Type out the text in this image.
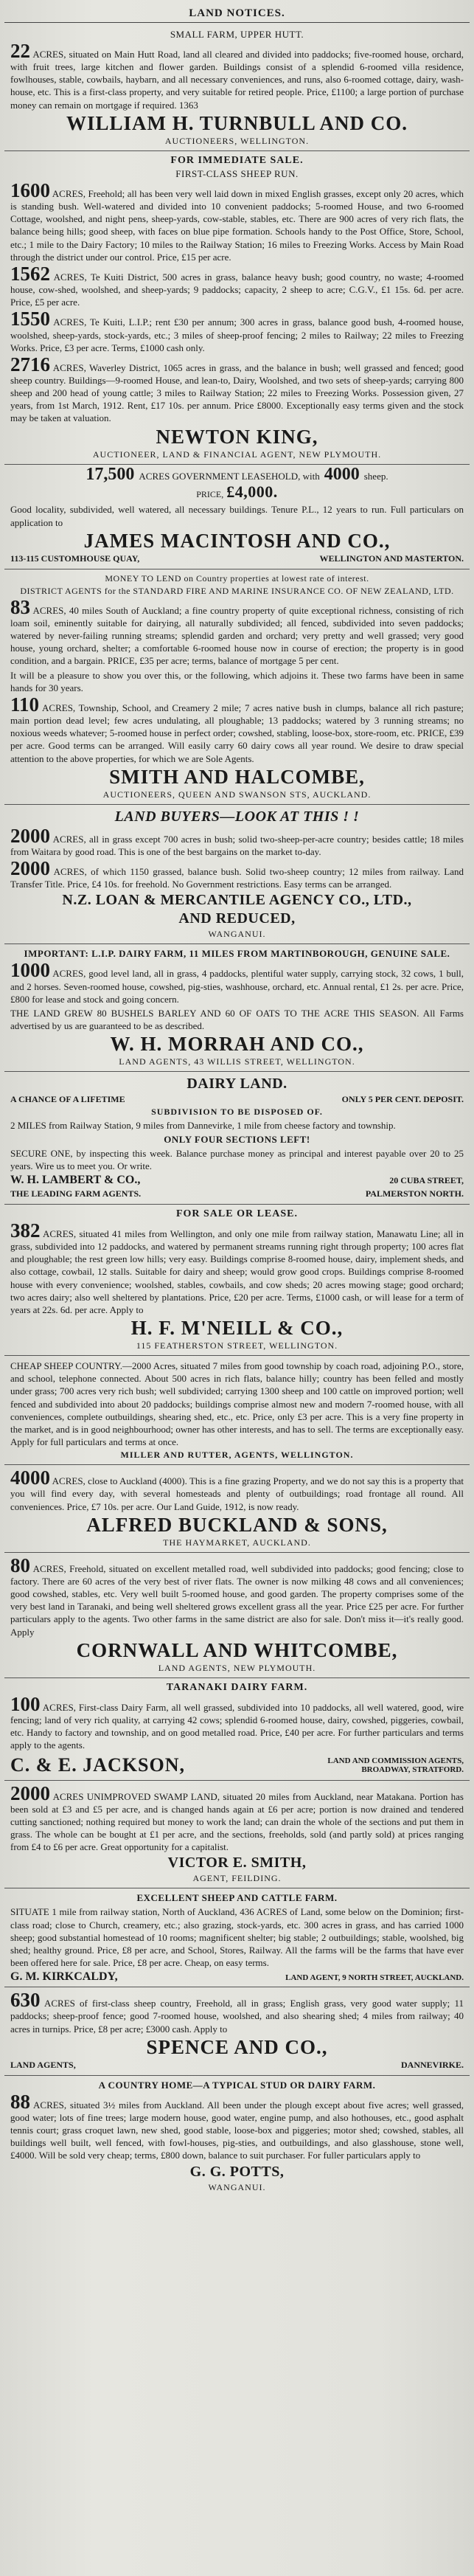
LAND NOTICES.
SMALL FARM, UPPER HUTT.

22 ACRES, situated on Main Hutt Road, land all cleared and divided into paddocks; five-roomed house, orchard, with fruit trees, large kitchen and flower garden. Buildings consist of a splendid 6-roomed villa residence, fowlhouses, stable, cowbails, haybarn, and all necessary conveniences, and runs, also 6-roomed cottage, dairy, wash-house, etc. This is a first-class property, and very suitable for retired people. Price, £1100; a large portion of purchase money can remain on mortgage if required. 1363

WILLIAM H. TURNBULL AND CO.
AUCTIONEERS, WELLINGTON.
FOR IMMEDIATE SALE.
FIRST-CLASS SHEEP RUN.

1600 ACRES, Freehold; all has been very well laid down in mixed English grasses, except only 20 acres, which is standing bush. Well-watered and divided into 10 convenient paddocks; 5-roomed House, and two 6-roomed Cottage, woolshed, and night pens, sheep-yards, cow-stable, stables, etc. There are 900 acres of very rich flats, the balance being hills; good sheep, with faces on blue pipe formation. Schools handy to the Post Office, Store, School, etc.; 1 mile to the Dairy Factory; 10 miles to the Railway Station; 16 miles to Freezing Works. Access by Main Road through the district under our control. Price, £15 per acre.

1562 ACRES, Te Kuiti District, 500 acres in grass, balance heavy bush; good country, no waste; 4-roomed house, cow-shed, woolshed, and sheep-yards; 9 paddocks; capacity, 2 sheep to acre; C.G.V., £1 15s. 6d. per acre. Price, £5 per acre.

1550 ACRES, Te Kuiti, L.I.P.; rent £30 per annum; 300 acres in grass, balance good bush, 4-roomed house, woolshed, sheep-yards, stock-yards, etc.; 3 miles of sheep-proof fencing; 2 miles to Railway; 22 miles to Freezing Works. Price, £3 per acre. Terms, £1000 cash only.

2716 ACRES, Waverley District, 1065 acres in grass, and the balance in bush; well grassed and fenced; good sheep country. Buildings—9-roomed House, and lean-to, Dairy, Woolshed, and two sets of sheep-yards; carrying 800 sheep and 200 head of young cattle; 3 miles to Railway Station; 22 miles to Freezing Works. Possession given, 27 years, from 1st March, 1912. Rent, £17 10s. per annum. Price £8000. Exceptionally easy terms given and the stock may be taken at valuation.

NEWTON KING,
AUCTIONEER, LAND & FINANCIAL AGENT, NEW PLYMOUTH.
17,500 ACRES GOVERNMENT LEASEHOLD, with 4000 sheep.
PRICE, £4,000.

Good locality, subdivided, well watered, all necessary buildings. Tenure P.L., 12 years to run. Full particulars on application to

JAMES MACINTOSH AND CO.,
113-115 CUSTOMHOUSE QUAY,	WELLINGTON AND MASTERTON.
MONEY TO LEND on Country properties at lowest rate of interest.
DISTRICT AGENTS for the STANDARD FIRE AND MARINE INSURANCE CO. OF NEW ZEALAND, LTD.

83 ACRES, 40 miles South of Auckland; a fine country property of quite exceptional richness, consisting of rich loam soil, eminently suitable for dairying, all naturally subdivided; all fenced, subdivided into seven paddocks; watered by never-failing running streams; splendid garden and orchard; very pretty and well grassed; very good house, young orchard, shelter; a comfortable 6-roomed house now in course of erection; the property is in good condition, and a bargain. PRICE, £35 per acre; terms, balance of mortgage 5 per cent.

It will be a pleasure to show you over this, or the following, which adjoins it. These two farms have been in same hands for 30 years.

110 ACRES, Township, School, and Creamery 2 mile; 7 acres native bush in clumps, balance all rich pasture; main portion dead level; few acres undulating, all ploughable; 13 paddocks; watered by 3 running streams; no noxious weeds whatever; 5-roomed house in perfect order; cowshed, stabling, loose-box, store-room, etc. PRICE, £39 per acre. Good terms can be arranged. Will easily carry 60 dairy cows all year round. We desire to draw special attention to the above properties, for which we are Sole Agents.

SMITH AND HALCOMBE,
AUCTIONEERS, QUEEN AND SWANSON STS, AUCKLAND.
LAND BUYERS—LOOK AT THIS ! !

2000 ACRES, all in grass except 700 acres in bush; solid two-sheep-per-acre country; besides cattle; 18 miles from Waitara by good road. This is one of the best bargains on the market to-day.

2000 ACRES, of which 1150 grassed, balance bush. Solid two-sheep country; 12 miles from railway. Land Transfer Title. Price, £4 10s. for freehold. No Government restrictions. Easy terms can be arranged.

N.Z. LOAN & MERCANTILE AGENCY CO., LTD.,
AND REDUCED,
WANGANUI.
IMPORTANT: L.I.P. DAIRY FARM, 11 MILES FROM MARTINBOROUGH, GENUINE SALE.

1000 ACRES, good level land, all in grass, 4 paddocks, plentiful water supply, carrying stock, 32 cows, 1 bull, and 2 horses. Seven-roomed house, cowshed, pig-sties, washhouse, orchard, etc. Annual rental, £1 2s. per acre. Price, £800 for lease and stock and going concern.

THE LAND GREW 80 BUSHELS BARLEY AND 60 OF OATS TO THE ACRE THIS SEASON. All Farms advertised by us are guaranteed to be as described.

W. H. MORRAH AND CO.,
LAND AGENTS, 43 WILLIS STREET, WELLINGTON.
DAIRY LAND.
A CHANCE OF A LIFETIME	ONLY 5 PER CENT. DEPOSIT.
SUBDIVISION TO BE DISPOSED OF.

2 MILES from Railway Station, 9 miles from Dannevirke, 1 mile from cheese factory and township.

ONLY FOUR SECTIONS LEFT!

SECURE ONE, by inspecting this week. Balance purchase money as principal and interest payable over 20 to 25 years. Wire us to meet you. Or write.

W. H. LAMBERT & CO.,	20 CUBA STREET,
THE LEADING FARM AGENTS.	PALMERSTON NORTH.
FOR SALE OR LEASE.

382 ACRES, situated 41 miles from Wellington, and only one mile from railway station, Manawatu Line; all in grass, subdivided into 12 paddocks, and watered by permanent streams running right through property; 100 acres flat and ploughable; the rest green low hills; very easy. Buildings comprise 8-roomed house, dairy, implement sheds, and also cottage, cowbail, 12 stalls. Suitable for dairy and sheep; would grow good crops. Buildings comprise 8-roomed house with every convenience; woolshed, stables, cowbails, and cow sheds; 20 acres mowing stage; good orchard; two acres dairy; also well sheltered by plantations. Price, £20 per acre. Terms, £1000 cash, or will lease for a term of years at 22s. 6d. per acre. Apply to

H. F. M'NEILL & CO.,
115 FEATHERSTON STREET, WELLINGTON.

CHEAP SHEEP COUNTRY.—2000 Acres, situated 7 miles from good township by coach road, adjoining P.O., store, and school, telephone connected. About 500 acres in rich flats, balance hilly; country has been felled and mostly under grass; 700 acres very rich bush; well subdivided; carrying 1300 sheep and 100 cattle on improved portion; well fenced and subdivided into about 20 paddocks; buildings comprise almost new and modern 7-roomed house, with all conveniences, complete outbuildings, shearing shed, etc., etc. Price, only £3 per acre. This is a very fine property in the market, and is in good neighbourhood; owner has other interests, and has to sell. The terms are exceptionally easy. Apply for full particulars and terms at once.

MILLER AND RUTTER, AGENTS, WELLINGTON.

4000 ACRES, close to Auckland (4000). This is a fine grazing Property, and we do not say this is a property that you will find every day, with several homesteads and plenty of outbuildings; road frontage all round. All conveniences. Price, £7 10s. per acre. Our Land Guide, 1912, is now ready.

ALFRED BUCKLAND & SONS,
THE HAYMARKET, AUCKLAND.

80 ACRES, Freehold, situated on excellent metalled road, well subdivided into paddocks; good fencing; close to factory. There are 60 acres of the very best of river flats. The owner is now milking 48 cows and all conveniences; good cowshed, stables, etc. Very well built 5-roomed house, and good garden. The property comprises some of the very best land in Taranaki, and being well sheltered grows excellent grass all the year. Price £25 per acre. For further particulars apply to the agents. Two other farms in the same district are also for sale. Don't miss it—it's really good. Apply

CORNWALL AND WHITCOMBE,
LAND AGENTS, NEW PLYMOUTH.
TARANAKI DAIRY FARM.

100 ACRES, First-class Dairy Farm, all well grassed, subdivided into 10 paddocks, all well watered, good, wire fencing; land of very rich quality, at carrying 42 cows; splendid 6-roomed house, dairy, cowshed, piggeries, cowbail, etc. Handy to factory and township, and on good metalled road. Price, £40 per acre. For further particulars and terms apply to the agents.

C. & E. JACKSON,	LAND AND COMMISSION AGENTS,
BROADWAY, STRATFORD.

2000 ACRES UNIMPROVED SWAMP LAND, situated 20 miles from Auckland, near Matakana. Portion has been sold at £3 and £5 per acre, and is changed hands again at £6 per acre; portion is now drained and tendered cutting sanctioned; nothing required but money to work the land; can drain the whole of the sections and put them in grass. The whole can be bought at £1 per acre, and the sections, freeholds, sold (and partly sold) at prices ranging from £4 to £6 per acre. Great opportunity for a capitalist.

VICTOR E. SMITH,
AGENT, FEILDING.
EXCELLENT SHEEP AND CATTLE FARM.

SITUATE 1 mile from railway station, North of Auckland, 436 ACRES of Land, some below on the Dominion; first-class road; close to Church, creamery, etc.; also grazing, stock-yards, etc. 300 acres in grass, and has carried 1000 sheep; good substantial homestead of 10 rooms; magnificent shelter; big stable; 2 outbuildings; stable, woolshed, big shed; healthy ground. Price, £8 per acre, and School, Stores, Railway. All the farms will be the farms that have ever been offered here for sale. Price, £8 per acre. Cheap, on easy terms.

G. M. KIRKCALDY,	LAND AGENT, 9 NORTH STREET, AUCKLAND.

630 ACRES of first-class sheep country, Freehold, all in grass; English grass, very good water supply; 11 paddocks; sheep-proof fence; good 7-roomed house, woolshed, and also shearing shed; 4 miles from railway; 40 acres in turnips. Price, £8 per acre; £3000 cash. Apply to

SPENCE AND CO.,
LAND AGENTS,	DANNEVIRKE.
A COUNTRY HOME—A TYPICAL STUD OR DAIRY FARM.

88 ACRES, situated 3½ miles from Auckland. All been under the plough except about five acres; well grassed, good water; lots of fine trees; large modern house, good water, engine pump, and also hothouses, etc., good asphalt tennis court; grass croquet lawn, new shed, good stable, loose-box and piggeries; motor shed; cowshed, stables, all buildings well built, well fenced, with fowl-houses, pig-sties, and outbuildings, and also glasshouse, stone well, £4000. Will be sold very cheap; terms, £800 down, balance to suit purchaser. For fuller particulars apply to

G. G. POTTS,
WANGANUI.
